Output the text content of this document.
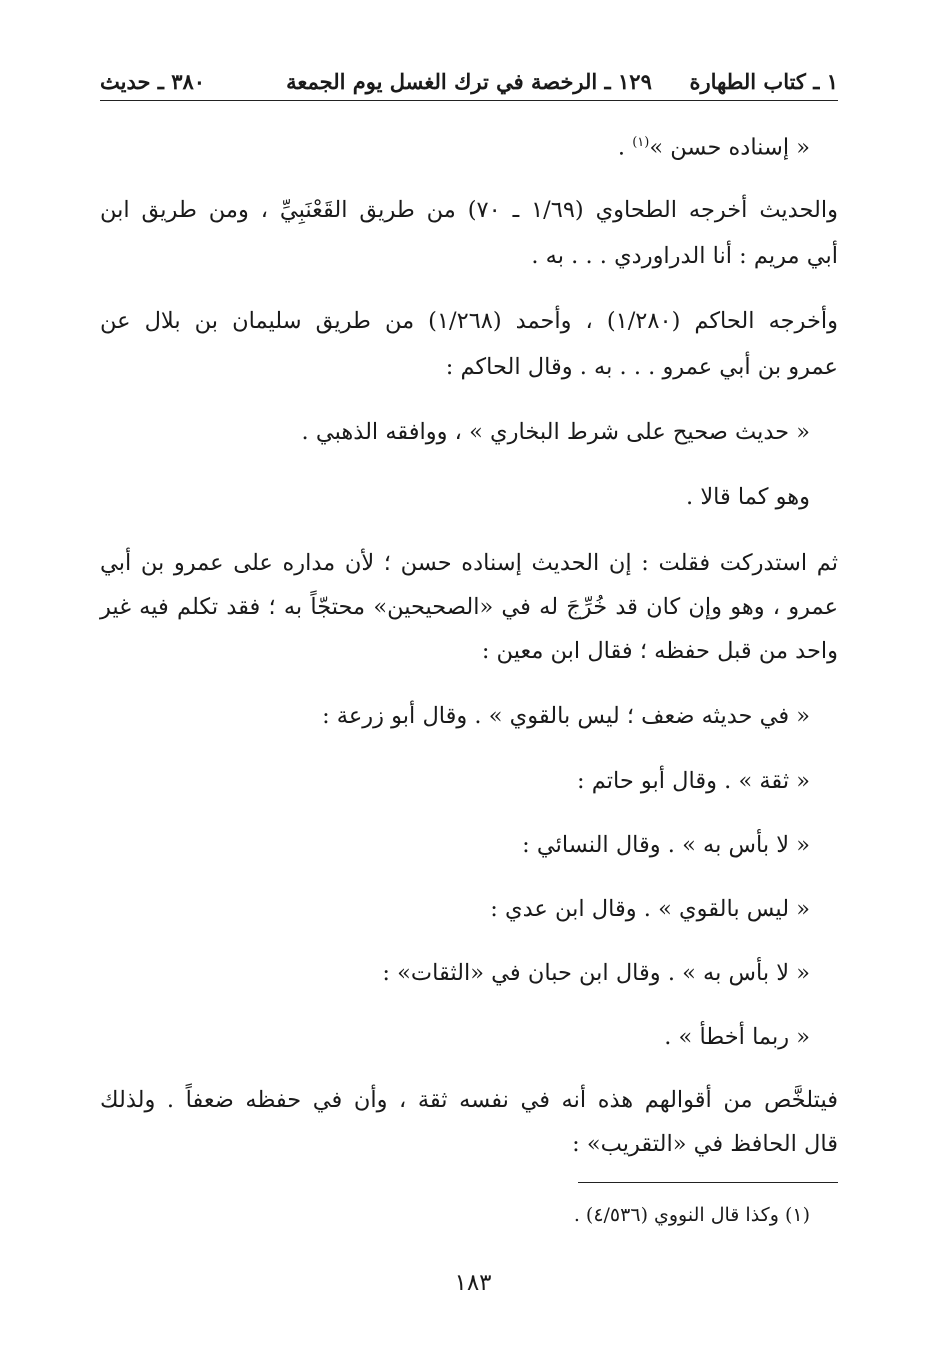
١ ـ كتاب الطهارة
١٢٩ ـ الرخصة في ترك الغسل يوم الجمعة
٣٨٠ ـ حديث
« إسناده حسن »$^{(١)}$ .
والحديث أخرجه الطحاوي (١/٦٩ ـ ٧٠) من طريق القَعْنَبِيِّ ، ومن طريق ابن
أبي مريم : أنا الدراوردي . . . به .
وأخرجه الحاكم (١/٢٨٠) ، وأحمد (١/٢٦٨) من طريق سليمان بن بلال عن
عمرو بن أبي عمرو . . . به . وقال الحاكم :
« حديث صحيح على شرط البخاري » ، ووافقه الذهبي .
وهو كما قالا .
ثم استدركت فقلت : إن الحديث إسناده حسن ؛ لأن مداره على عمرو بن أبي
عمرو ، وهو وإن كان قد خُرِّجَ له في «الصحيحين» محتجّاً به ؛ فقد تكلم فيه غير
واحد من قبل حفظه ؛ فقال ابن معين :
« في حديثه ضعف ؛ ليس بالقوي » . وقال أبو زرعة :
« ثقة » . وقال أبو حاتم :
« لا بأس به » . وقال النسائي :
« ليس بالقوي » . وقال ابن عدي :
« لا بأس به » . وقال ابن حبان في «الثقات» :
« ربما أخطأ » .
فيتلخَّص من أقوالهم هذه أنه في نفسه ثقة ، وأن في حفظه ضعفاً . ولذلك
قال الحافظ في «التقريب» :
(١) وكذا قال النووي (٤/٥٣٦) .
١٨٣
